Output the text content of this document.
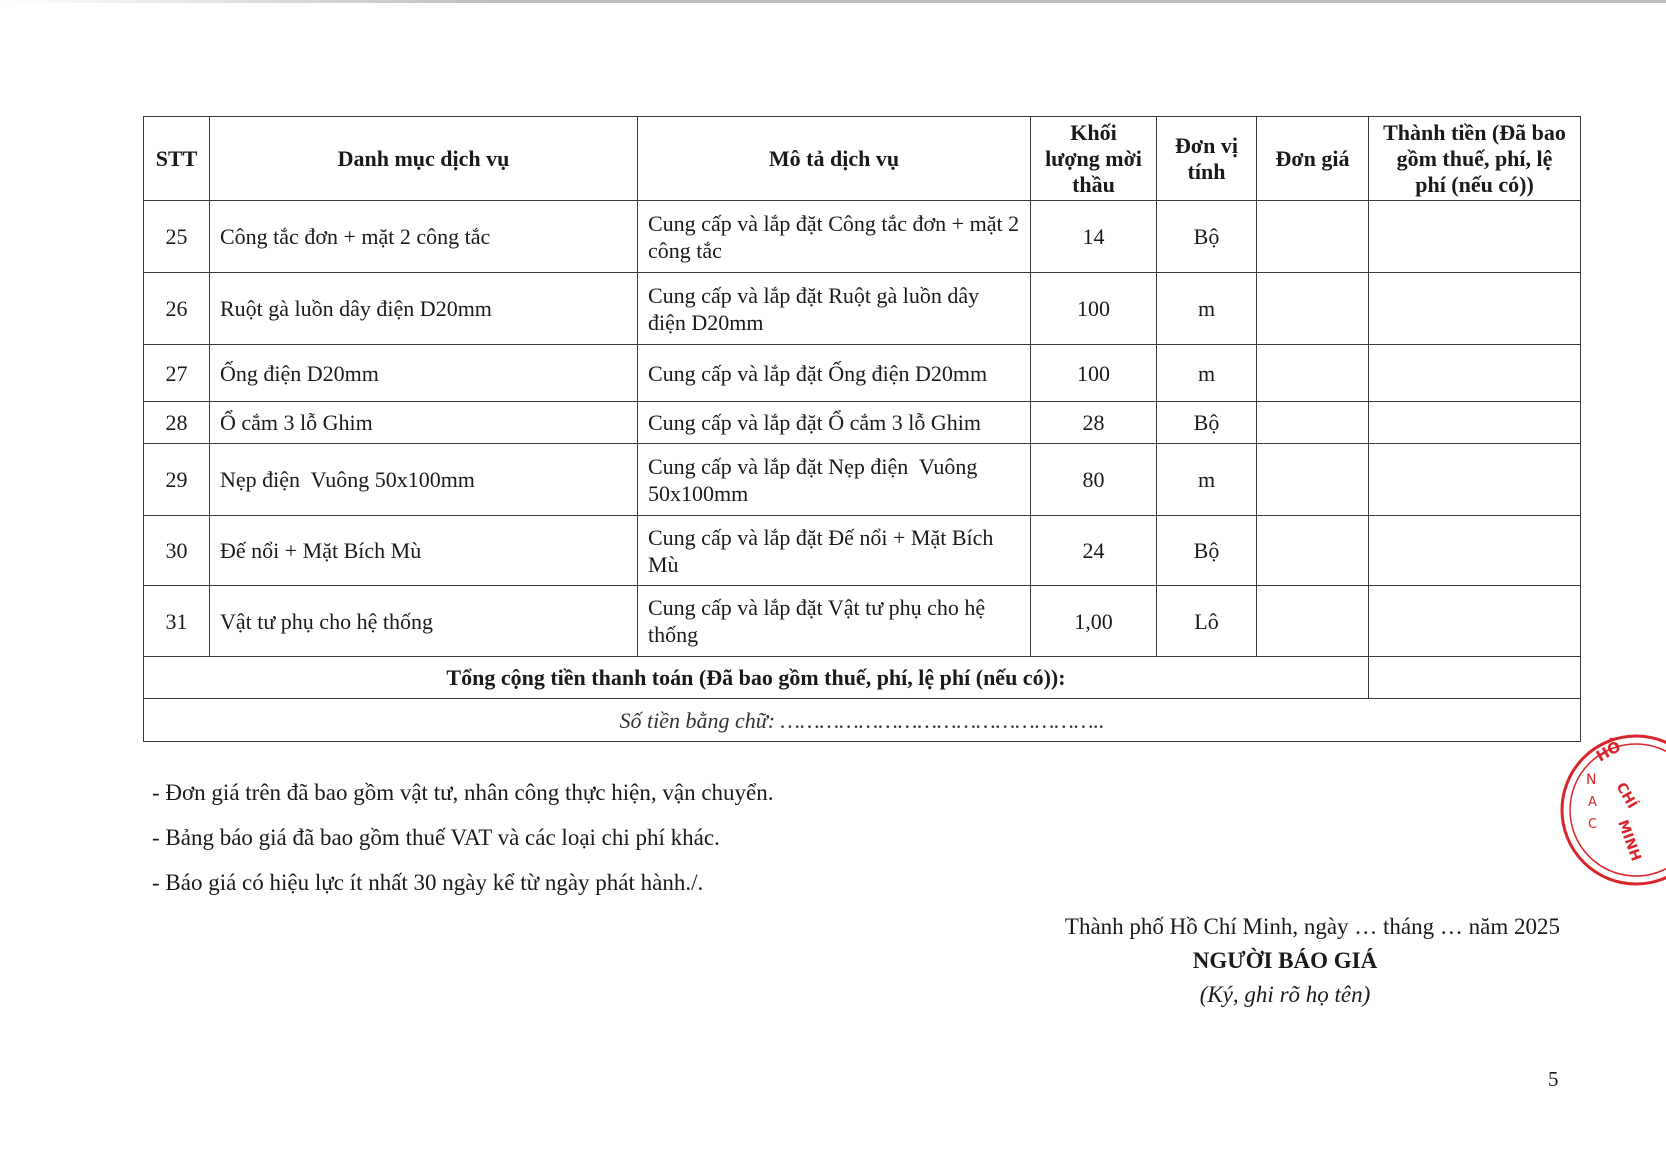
STT	Danh mục dịch vụ	Mô tả dịch vụ	Khối lượng mời thầu	Đơn vị tính	Đơn giá	Thành tiền (Đã bao gồm thuế, phí, lệ phí (nếu có))
25	Công tắc đơn + mặt 2 công tắc	Cung cấp và lắp đặt Công tắc đơn + mặt 2 công tắc	14	Bộ		
26	Ruột gà luồn dây điện D20mm	Cung cấp và lắp đặt Ruột gà luồn dây điện D20mm	100	m		
27	Ống điện D20mm	Cung cấp và lắp đặt Ống điện D20mm	100	m		
28	Ổ cắm 3 lỗ Ghim	Cung cấp và lắp đặt Ổ cắm 3 lỗ Ghim	28	Bộ		
29	Nẹp điện  Vuông 50x100mm	Cung cấp và lắp đặt Nẹp điện  Vuông 50x100mm	80	m		
30	Đế nổi + Mặt Bích Mù	Cung cấp và lắp đặt Đế nổi + Mặt Bích Mù	24	Bộ		
31	Vật tư phụ cho hệ thống	Cung cấp và lắp đặt Vật tư phụ cho hệ thống	1,00	Lô		
Tổng cộng tiền thanh toán (Đã bao gồm thuế, phí, lệ phí (nếu có)):						
Số tiền bằng chữ: …………………………………………..						
- Đơn giá trên đã bao gồm vật tư, nhân công thực hiện, vận chuyển.
- Bảng báo giá đã bao gồm thuế VAT và các loại chi phí khác.
- Báo giá có hiệu lực ít nhất 30 ngày kể từ ngày phát hành./.
Thành phố Hồ Chí Minh, ngày … tháng … năm 2025
NGƯỜI BÁO GIÁ
(Ký, ghi rõ họ tên)
HỒ
CHÍ
MINH
N
A
C
5
